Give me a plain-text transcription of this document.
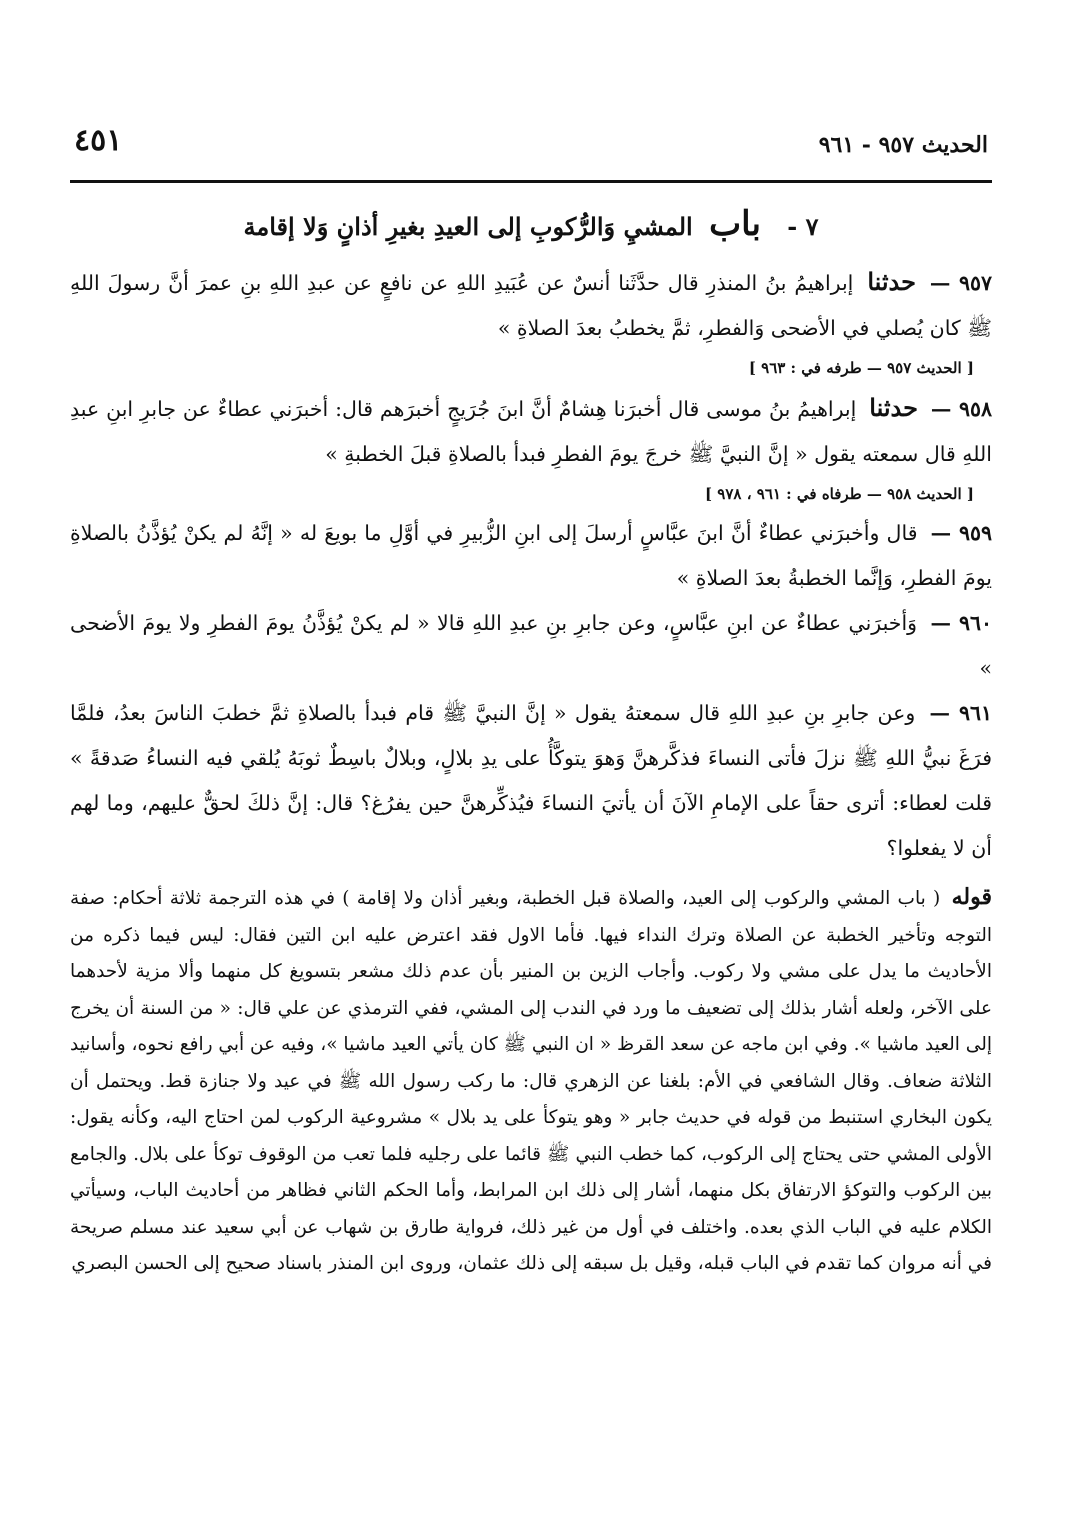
الحديث ٩٥٧ - ٩٦١
٤٥١
٧ - باب المشيِ وَالرُّكوبِ إلى العيدِ بغيرِ أذانٍ وَلا إقامة
٩٥٧ — حدثنا إبراهيمُ بنُ المنذرِ قال حدَّثَنا أنسٌ عن عُبَيدِ اللهِ عن نافعٍ عن عبدِ اللهِ بنِ عمرَ أنَّ رسولَ اللهِ ﷺ كان يُصلي في الأضحى وَالفطرِ، ثمَّ يخطبُ بعدَ الصلاةِ »
[ الحديث ٩٥٧ — طرفه في : ٩٦٣ ]
٩٥٨ — حدثنا إبراهيمُ بنُ موسى قال أخبرَنا هِشامٌ أنَّ ابنَ جُرَيجٍ أخبرَهم قال: أخبرَني عطاءٌ عن جابرِ ابنِ عبدِ اللهِ قال سمعته يقول « إنَّ النبيَّ ﷺ خرجَ يومَ الفطرِ فبدأ بالصلاةِ قبلَ الخطبةِ »
[ الحديث ٩٥٨ — طرفاه في : ٩٦١ ، ٩٧٨ ]
٩٥٩ — قال وأخبرَني عطاءٌ أنَّ ابنَ عبَّاسٍ أرسلَ إلى ابنِ الزُّبيرِ في أوَّلِ ما بويعَ له « إنَّهُ لم يكنْ يُؤذَّنُ بالصلاةِ يومَ الفطرِ، وَإنَّما الخطبةُ بعدَ الصلاةِ »
٩٦٠ — وَأخبرَني عطاءٌ عن ابنِ عبَّاسٍ، وعن جابرِ بنِ عبدِ اللهِ قالا « لم يكنْ يُؤذَّنُ يومَ الفطرِ ولا يومَ الأضحى »
٩٦١ — وعن جابرِ بنِ عبدِ اللهِ قال سمعتهُ يقول « إنَّ النبيَّ ﷺ قام فبدأ بالصلاةِ ثمَّ خطبَ الناسَ بعدُ، فلمَّا فرَغَ نبيُّ اللهِ ﷺ نزلَ فأتى النساءَ فذكَّرهنَّ وَهوَ يتوكَّأُ على يدِ بلالٍ، وبلالٌ باسِطٌ ثوبَهُ يُلقي فيه النساءُ صَدقةً » قلت لعطاء: أترى حقاً على الإمامِ الآنَ أن يأتيَ النساءَ فيُذكِّرهنَّ حين يفرُغ؟ قال: إنَّ ذلكَ لحقٌّ عليهم، وما لهم أن لا يفعلوا؟
قوله ( باب المشي والركوب إلى العيد، والصلاة قبل الخطبة، وبغير أذان ولا إقامة ) في هذه الترجمة ثلاثة أحكام: صفة التوجه وتأخير الخطبة عن الصلاة وترك النداء فيها. فأما الاول فقد اعترض عليه ابن التين فقال: ليس فيما ذكره من الأحاديث ما يدل على مشي ولا ركوب. وأجاب الزين بن المنير بأن عدم ذلك مشعر بتسويغ كل منهما وألا مزية لأحدهما على الآخر، ولعله أشار بذلك إلى تضعيف ما ورد في الندب إلى المشي، ففي الترمذي عن علي قال: « من السنة أن يخرج إلى العيد ماشيا ». وفي ابن ماجه عن سعد القرظ « ان النبي ﷺ كان يأتي العيد ماشيا »، وفيه عن أبي رافع نحوه، وأسانيد الثلاثة ضعاف. وقال الشافعي في الأم: بلغنا عن الزهري قال: ما ركب رسول الله ﷺ في عيد ولا جنازة قط. ويحتمل أن يكون البخاري استنبط من قوله في حديث جابر « وهو يتوكأ على يد بلال » مشروعية الركوب لمن احتاج اليه، وكأنه يقول: الأولى المشي حتى يحتاج إلى الركوب، كما خطب النبي ﷺ قائما على رجليه فلما تعب من الوقوف توكأ على بلال. والجامع بين الركوب والتوكؤ الارتفاق بكل منهما، أشار إلى ذلك ابن المرابط، وأما الحكم الثاني فظاهر من أحاديث الباب، وسيأتي الكلام عليه في الباب الذي بعده. واختلف في أول من غير ذلك، فرواية طارق بن شهاب عن أبي سعيد عند مسلم صريحة في أنه مروان كما تقدم في الباب قبله، وقيل بل سبقه إلى ذلك عثمان، وروى ابن المنذر باسناد صحيح إلى الحسن البصري
